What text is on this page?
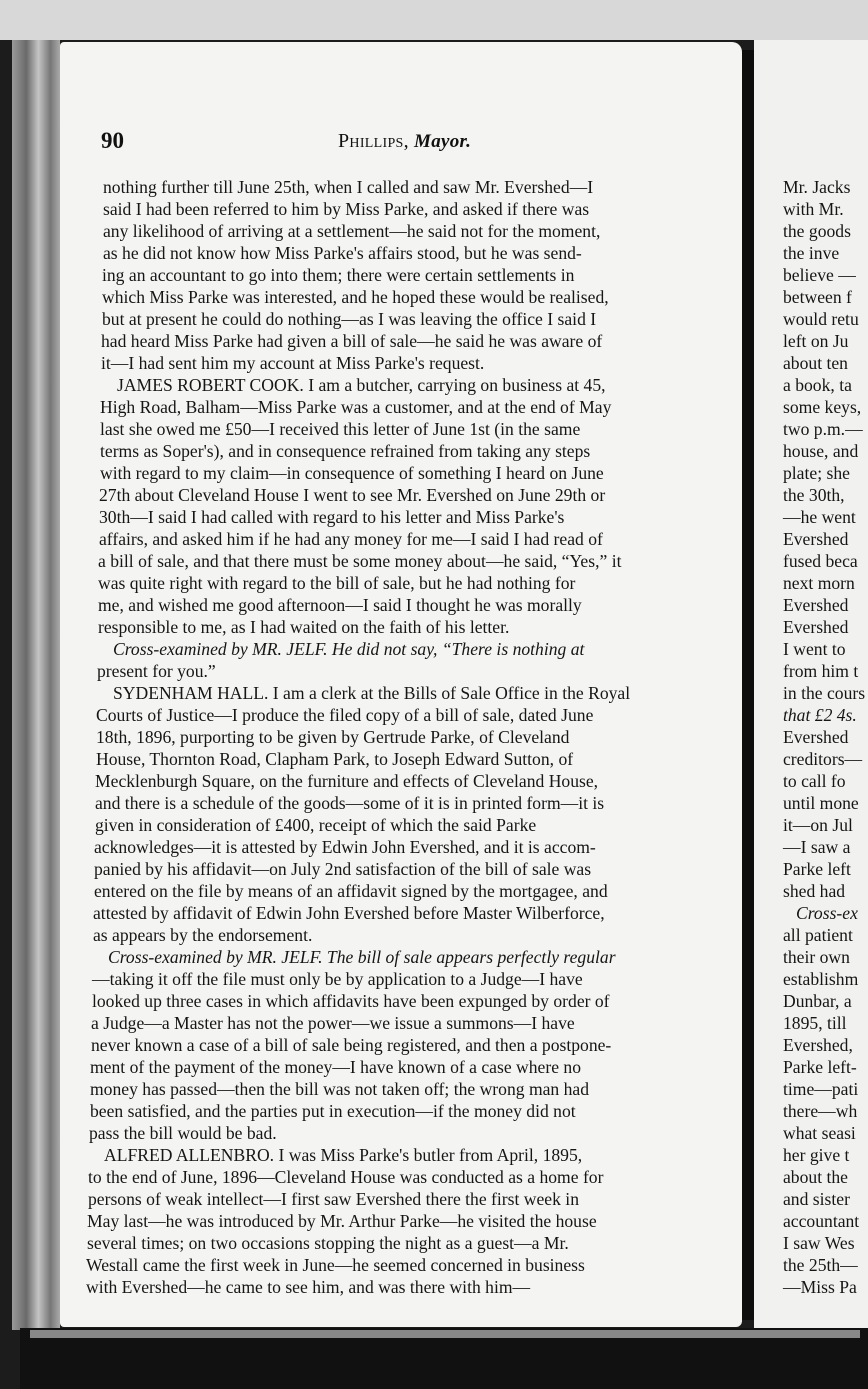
90	Phillips, Mayor.
nothing further till June 25th, when I called and saw Mr. Evershed—I
said I had been referred to him by Miss Parke, and asked if there was
any likelihood of arriving at a settlement—he said not for the moment,
as he did not know how Miss Parke's affairs stood, but he was send-
ing an accountant to go into them; there were certain settlements in
which Miss Parke was interested, and he hoped these would be realised,
but at present he could do nothing—as I was leaving the office I said I
had heard Miss Parke had given a bill of sale—he said he was aware of
it—I had sent him my account at Miss Parke's request.
JAMES ROBERT COOK. I am a butcher, carrying on business at 45,
High Road, Balham—Miss Parke was a customer, and at the end of May
last she owed me £50—I received this letter of June 1st (in the same
terms as Soper's), and in consequence refrained from taking any steps
with regard to my claim—in consequence of something I heard on June
27th about Cleveland House I went to see Mr. Evershed on June 29th or
30th—I said I had called with regard to his letter and Miss Parke's
affairs, and asked him if he had any money for me—I said I had read of
a bill of sale, and that there must be some money about—he said, “Yes,” it
was quite right with regard to the bill of sale, but he had nothing for
me, and wished me good afternoon—I said I thought he was morally
responsible to me, as I had waited on the faith of his letter.
Cross-examined by MR. JELF. He did not say, “There is nothing at
present for you.”
SYDENHAM HALL. I am a clerk at the Bills of Sale Office in the Royal
Courts of Justice—I produce the filed copy of a bill of sale, dated June
18th, 1896, purporting to be given by Gertrude Parke, of Cleveland
House, Thornton Road, Clapham Park, to Joseph Edward Sutton, of
Mecklenburgh Square, on the furniture and effects of Cleveland House,
and there is a schedule of the goods—some of it is in printed form—it is
given in consideration of £400, receipt of which the said Parke
acknowledges—it is attested by Edwin John Evershed, and it is accom-
panied by his affidavit—on July 2nd satisfaction of the bill of sale was
entered on the file by means of an affidavit signed by the mortgagee, and
attested by affidavit of Edwin John Evershed before Master Wilberforce,
as appears by the endorsement.
Cross-examined by MR. JELF. The bill of sale appears perfectly regular
—taking it off the file must only be by application to a Judge—I have
looked up three cases in which affidavits have been expunged by order of
a Judge—a Master has not the power—we issue a summons—I have
never known a case of a bill of sale being registered, and then a postpone-
ment of the payment of the money—I have known of a case where no
money has passed—then the bill was not taken off; the wrong man had
been satisfied, and the parties put in execution—if the money did not
pass the bill would be bad.
ALFRED ALLENBRO. I was Miss Parke's butler from April, 1895,
to the end of June, 1896—Cleveland House was conducted as a home for
persons of weak intellect—I first saw Evershed there the first week in
May last—he was introduced by Mr. Arthur Parke—he visited the house
several times; on two occasions stopping the night as a guest—a Mr.
Westall came the first week in June—he seemed concerned in business
with Evershed—he came to see him, and was there with him—
Mr. Jacks
with Mr.
the goods
the inve
believe —
between f
would retu
left on Ju
about ten
a book, ta
some keys,
two p.m.—
house, and
plate; she
the 30th,
—he went
Evershed
fused beca
next morn
Evershed
Evershed
I went to
from him t
in the cours
that £2 4s.
Evershed
creditors—
to call fo
until mone
it—on Jul
—I saw a
Parke left
shed had
Cross-ex
all patient
their own
establishm
Dunbar, a
1895, till
Evershed,
Parke left-
time—pati
there—wh
what seasi
her give t
about the
and sister
accountant
I saw Wes
the 25th—
—Miss Pa
